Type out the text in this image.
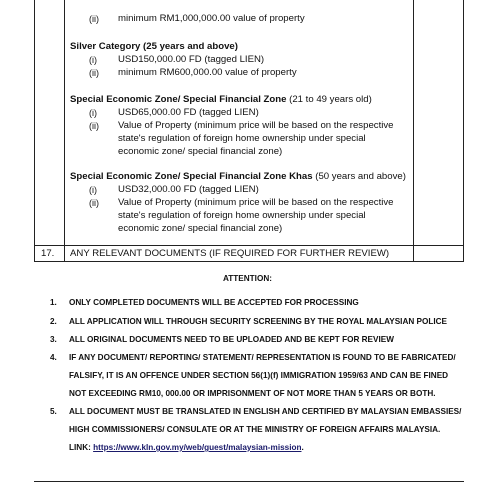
(ii) minimum RM1,000,000.00 value of property
Silver Category (25 years and above)
(i) USD150,000.00 FD (tagged LIEN)
(ii) minimum RM600,000.00 value of property
Special Economic Zone/ Special Financial Zone (21 to 49 years old)
(i) USD65,000.00 FD (tagged LIEN)
(ii) Value of Property (minimum price will be based on the respective
state's regulation of foreign home ownership under special
economic zone/ special financial zone)
Special Economic Zone/ Special Financial Zone Khas (50 years and above)
(i) USD32,000.00 FD (tagged LIEN)
(ii) Value of Property (minimum price will be based on the respective
state's regulation of foreign home ownership under special
economic zone/ special financial zone)
17. ANY RELEVANT DOCUMENTS (IF REQUIRED FOR FURTHER REVIEW)
ATTENTION:
1. ONLY COMPLETED DOCUMENTS WILL BE ACCEPTED FOR PROCESSING
2. ALL APPLICATION WILL THROUGH SECURITY SCREENING BY THE ROYAL MALAYSIAN POLICE
3. ALL ORIGINAL DOCUMENTS NEED TO BE UPLOADED AND BE KEPT FOR REVIEW
4. IF ANY DOCUMENT/ REPORTING/ STATEMENT/ REPRESENTATION IS FOUND TO BE FABRICATED/
FALSIFY, IT IS AN OFFENCE UNDER SECTION 56(1)(f) IMMIGRATION 1959/63 AND CAN BE FINED
NOT EXCEEDING RM10, 000.00 OR IMPRISONMENT OF NOT MORE THAN 5 YEARS OR BOTH.
5. ALL DOCUMENT MUST BE TRANSLATED IN ENGLISH AND CERTIFIED BY MALAYSIAN EMBASSIES/
HIGH COMMISSIONERS/ CONSULATE OR AT THE MINISTRY OF FOREIGN AFFAIRS MALAYSIA.
LINK: https://www.kln.gov.my/web/guest/malaysian-mission.
